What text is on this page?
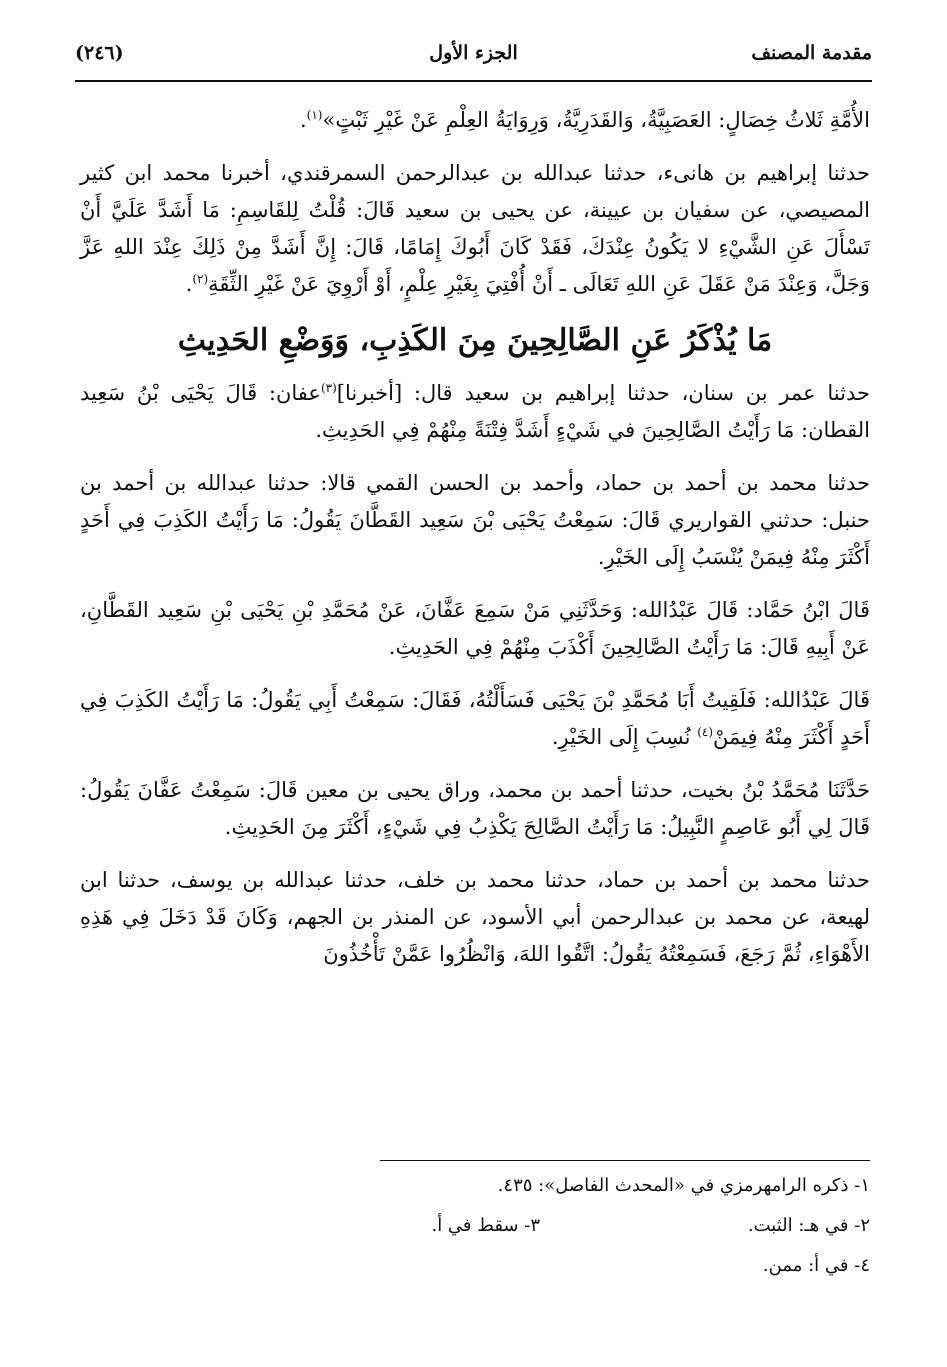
مقدمة المصنف
الجزء الأول
(٢٤٦)

الأُمَّةِ ثَلاثُ خِصَالٍ: العَصَبِيَّةُ، وَالقَدَرِيَّةُ، وَرِوَايَةُ العِلْمِ عَنْ غَيْرِ ثَبْتٍ»$^{(١)}$.

حدثنا إبراهيم بن هانىء، حدثنا عبدالله بن عبدالرحمن السمرقندي، أخبرنا محمد ابن كثير المصيصي، عن سفيان بن عيينة، عن يحيى بن سعيد قَالَ: قُلْتُ لِلقَاسِمِ: مَا أَشَدَّ عَلَيَّ أَنْ تَسْأَلَ عَنِ الشَّيْءِ لا يَكُونُ عِنْدَكَ، فَقَدْ كَانَ أَبُوكَ إِمَامًا، قَالَ: إِنَّ أَشَدَّ مِنْ ذَلِكَ عِنْدَ اللهِ عَزَّ وَجَلَّ، وَعِنْدَ مَنْ عَقَلَ عَنِ اللهِ تَعَالَى ـ أَنْ أُفْتِيَ بِغَيْرِ عِلْمٍ، أَوْ أَرْوِيَ عَنْ غَيْرِ الثِّقَةِ$^{(٢)}$.

مَا يُذْكَرُ عَنِ الصَّالِحِينَ مِنَ الكَذِبِ، وَوَضْعِ الحَدِيثِ

حدثنا عمر بن سنان، حدثنا إبراهيم بن سعيد قال: [أخبرنا]$^{(٣)}$عفان: قَالَ يَحْيَى بْنُ سَعِيد القطان: مَا رَأَيْتُ الصَّالِحِينَ في شَيْءٍ أَشَدَّ فِتْنَةً مِنْهُمْ فِي الحَدِيثِ.

حدثنا محمد بن أحمد بن حماد، وأحمد بن الحسن القمي قالا: حدثنا عبدالله بن أحمد بن حنبل: حدثني القواريري قَالَ: سَمِعْتُ يَحْيَى بْنَ سَعِيد القَطَّانَ يَقُولُ: مَا رَأَيْتُ الكَذِبَ فِي أَحَدٍ أَكْثَرَ مِنْهُ فِيمَنْ يُنْسَبُ إِلَى الخَيْرِ.

قَالَ ابْنُ حَمَّاد: قَالَ عَبْدُالله: وَحَدَّثَنِي مَنْ سَمِعَ عَفَّانَ، عَنْ مُحَمَّدِ بْنِ يَحْيَى بْنِ سَعِيد القَطَّانِ، عَنْ أَبِيهِ قَالَ: مَا رَأَيْتُ الصَّالِحِينَ أَكْذَبَ مِنْهُمْ فِي الحَدِيثِ.

قَالَ عَبْدُالله: فَلَقِيتُ أَبَا مُحَمَّدِ بْنَ يَحْيَى فَسَأَلْتُهُ، فَقَالَ: سَمِعْتُ أَبِي يَقُولُ: مَا رَأَيْتُ الكَذِبَ فِي أَحَدٍ أَكْثَرَ مِنْهُ فِيمَنْ$^{(٤)}$ نُسِبَ إِلَى الخَيْرِ.

حَدَّثَنَا مُحَمَّدُ بْنُ بخيت، حدثنا أحمد بن محمد، وراق يحيى بن معين قَالَ: سَمِعْتُ عَفَّانَ يَقُولُ: قَالَ لِي أَبُو عَاصِمٍ النَّبِيلُ: مَا رَأَيْتُ الصَّالِحَ يَكْذِبُ فِي شَيْءٍ، أَكْثَرَ مِنَ الحَدِيثِ.

حدثنا محمد بن أحمد بن حماد، حدثنا محمد بن خلف، حدثنا عبدالله بن يوسف، حدثنا ابن لهيعة، عن محمد بن عبدالرحمن أبي الأسود، عن المنذر بن الجهم، وَكَانَ قَدْ دَخَلَ فِي هَذِهِ الأَهْوَاءِ، ثُمَّ رَجَعَ، فَسَمِعْتُهُ يَقُولُ: اتَّقُوا اللهَ، وَانْظُرُوا عَمَّنْ تَأْخُذُونَ

١- ذكره الرامهرمزي في «المحدث الفاصل»: ٤٣٥.
٢- في هـ: الثبت.
٣- سقط في أ.
٤- في أ: ممن.
